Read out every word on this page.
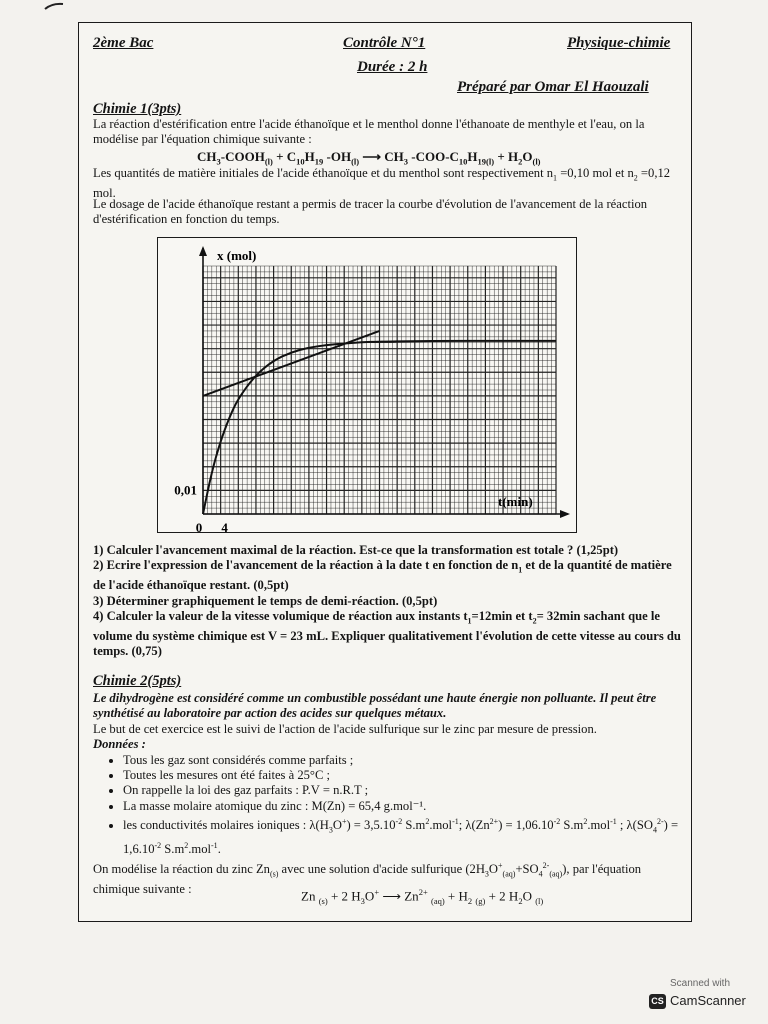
2ème Bac	Contrôle N°1	Physique-chimie
Durée : 2 h
Préparé par Omar El Haouzali
Chimie 1(3pts)
La réaction d'estérification entre l'acide éthanoïque et le menthol donne l'éthanoate de menthyle et l'eau, on la modélise par l'équation chimique suivante :
$CH_3-COOH_{(l)} + C_{10}H_{19}$ $-OH_{(l)}$ ⟶ $CH_3$ $-COO-C_{10}H_{19(l)} + H_2O_{(l)}$
Les quantités de matière initiales de l'acide éthanoïque et du menthol sont respectivement $n_1 =0,10$ mol et $n_2 =0,12$ mol.
Le dosage de l'acide éthanoïque restant a permis de tracer la courbe d'évolution de l'avancement de la réaction d'estérification en fonction du temps.
x (mol)
t(min)
0 4
0,01

1) Calculer l'avancement maximal de la réaction. Est-ce que la transformation est totale ? (1,25pt)

2) Ecrire l'expression de l'avancement de la réaction à la date t en fonction de $n_1$ et de la quantité de matière de l'acide éthanoïque restant. (0,5pt)

3) Déterminer graphiquement le temps de demi-réaction. (0,5pt)

4) Calculer la valeur de la vitesse volumique de réaction aux instants $t_1=12\min$ et $t_2= 32\min$ sachant que le volume du système chimique est V = 23 mL. Expliquer qualitativement l'évolution de cette vitesse au cours du temps. (0,75)

Chimie 2(5pts)

Le dihydrogène est considéré comme un combustible possédant une haute énergie non polluante. Il peut être synthétisé au laboratoire par action des acides sur quelques métaux.

Le but de cet exercice est le suivi de l'action de l'acide sulfurique sur le zinc par mesure de pression.

Données :

• Tous les gaz sont considérés comme parfaits ;
• Toutes les mesures ont été faites à 25°C ;
• On rappelle la loi des gaz parfaits : P.V = n.R.T ;
• La masse molaire atomique du zinc : M(Zn) = 65,4 g.mol⁻¹.
• les conductivités molaires ioniques : $\lambda(H_3O^+) = 3,5.10^{-2}$ $S.m^2.mol^{-1}$; $\lambda(Zn^{2+}) = 1,06.10^{-2}$ $S.m^2.mol^{-1}$ ; $\lambda(SO_4^{2-}) = 1,6.10^{-2}$ $S.m^2.mol^{-1}$.

On modélise la réaction du zinc $Zn_{(s)}$ avec une solution d'acide sulfurique $(2H_3O^+_{(aq)}+SO_4^{2-}_{(aq)})$, par l'équation chimique suivante :	Zn $_{(s)}$ + 2 $H_3O^+$ ⟶ $Zn^{2+}$ $_{(aq)} + H_2$ $_{(g)}$ + 2 $H_2O$ $_{(l)}$
Scanned with
CS CamScanner
